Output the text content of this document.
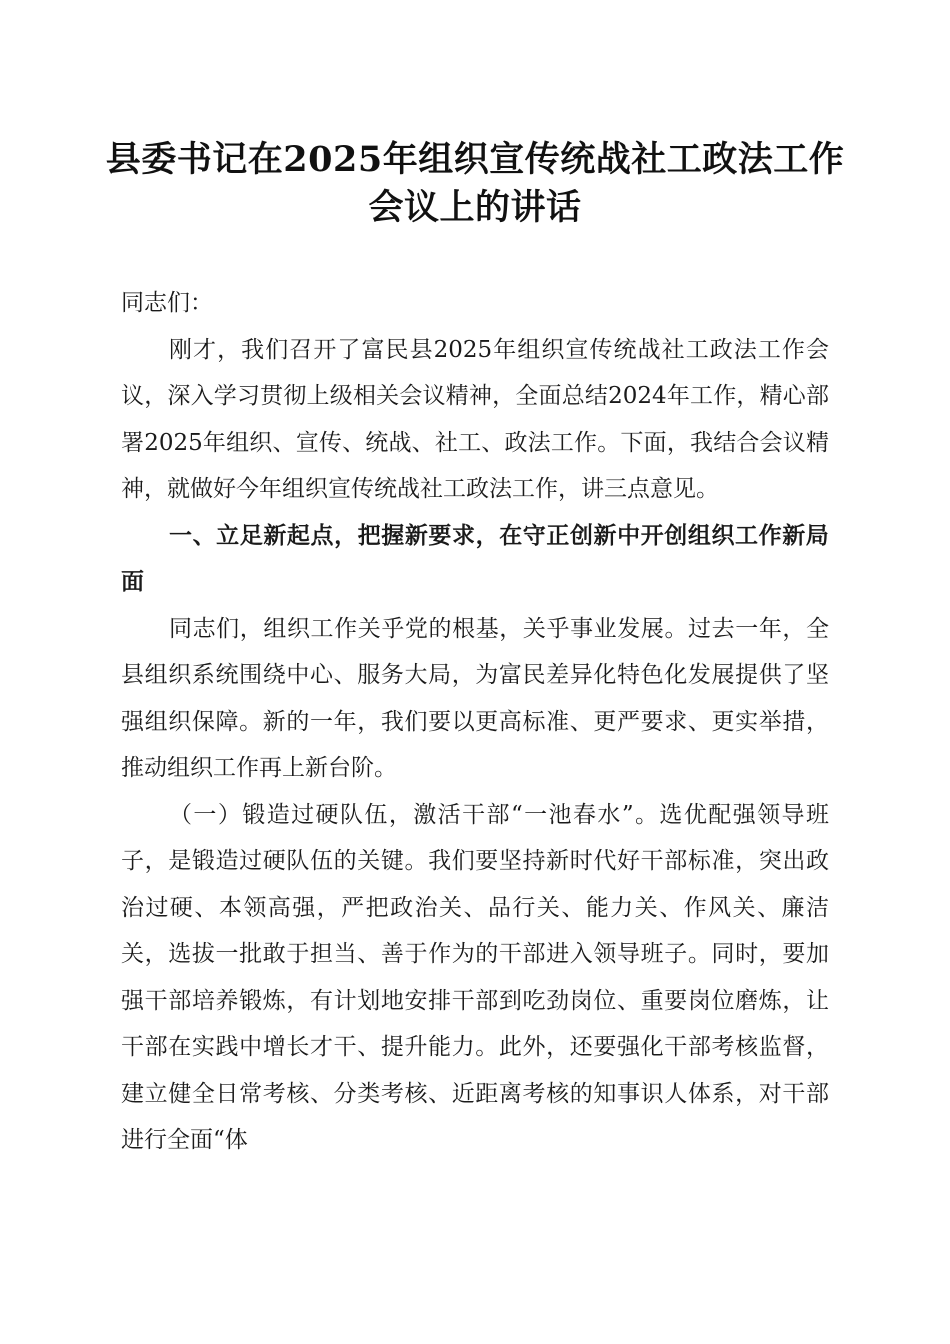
县委书记在2025年组织宣传统战社工政法工作会议上的讲话

同志们：

刚才，我们召开了富民县2025年组织宣传统战社工政法工作会议，深入学习贯彻上级相关会议精神，全面总结2024年工作，精心部署2025年组织、宣传、统战、社工、政法工作。下面，我结合会议精神，就做好今年组织宣传统战社工政法工作，讲三点意见。

一、立足新起点，把握新要求，在守正创新中开创组织工作新局面

同志们，组织工作关乎党的根基，关乎事业发展。过去一年，全县组织系统围绕中心、服务大局，为富民差异化特色化发展提供了坚强组织保障。新的一年，我们要以更高标准、更严要求、更实举措，推动组织工作再上新台阶。

（一）锻造过硬队伍，激活干部“一池春水”。选优配强领导班子，是锻造过硬队伍的关键。我们要坚持新时代好干部标准，突出政治过硬、本领高强，严把政治关、品行关、能力关、作风关、廉洁关，选拔一批敢于担当、善于作为的干部进入领导班子。同时，要加强干部培养锻炼，有计划地安排干部到吃劲岗位、重要岗位磨炼，让干部在实践中增长才干、提升能力。此外，还要强化干部考核监督，建立健全日常考核、分类考核、近距离考核的知事识人体系，对干部进行全面“体
